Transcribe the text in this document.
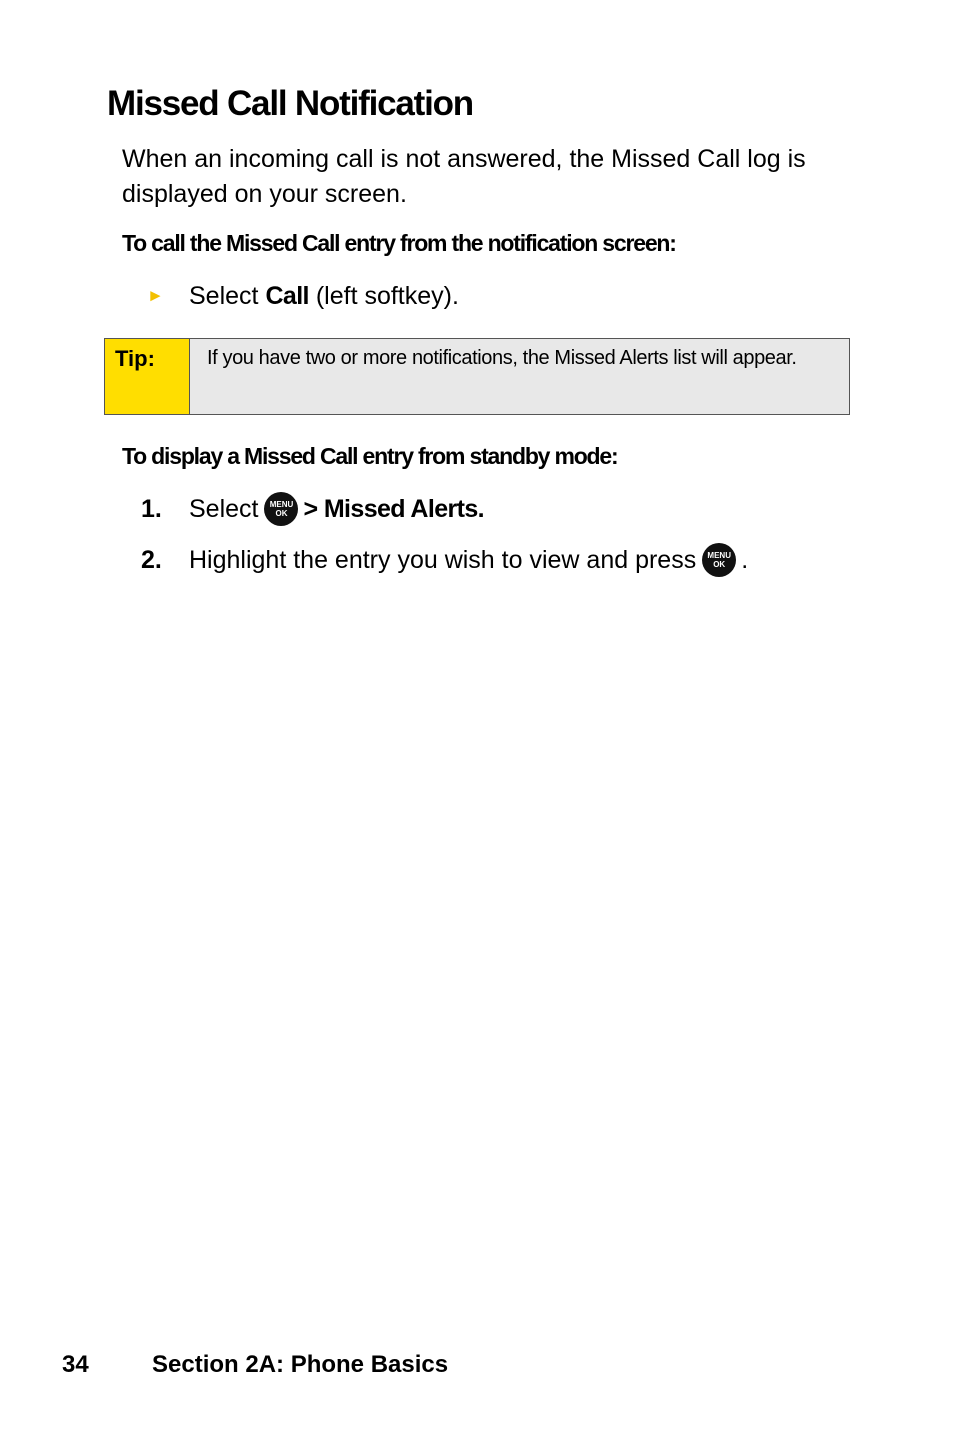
Missed Call Notification
When an incoming call is not answered, the Missed Call log is displayed on your screen.
To call the Missed Call entry from the notification screen:
► Select Call (left softkey).
Tip:	If you have two or more notifications, the Missed Alerts list will appear.
To display a Missed Call entry from standby mode:
1.	Select MENU
OK > Missed Alerts.
2.	Highlight the entry you wish to view and press MENU
OK .
34	Section 2A: Phone Basics
